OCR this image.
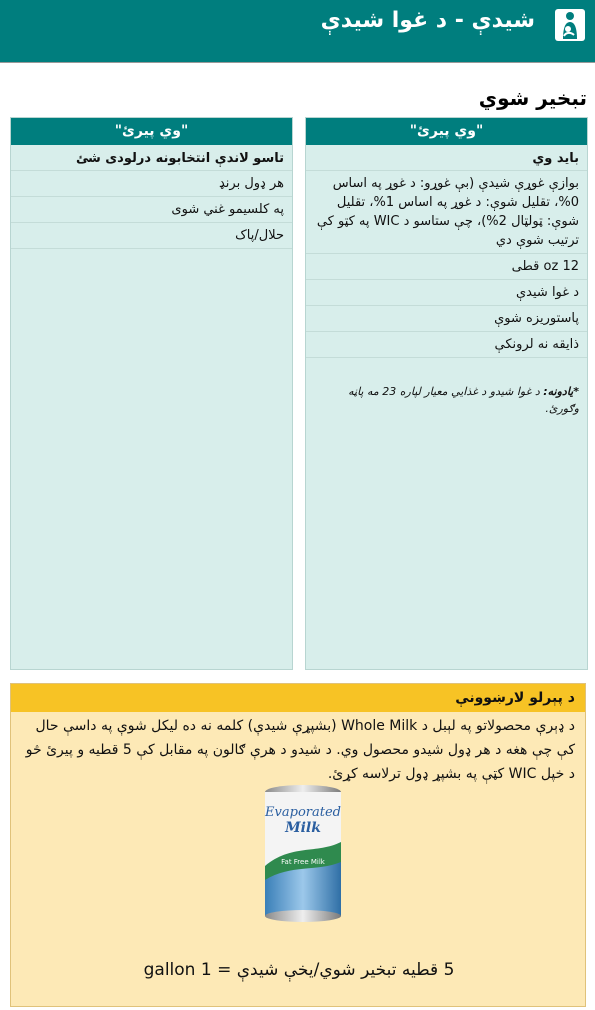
شيدې - د غوا شيدې
تبخير شوي
"وي پيرئ"
بايد وي
بوازې غوړې شيدې (بې غوړو: د غوړ په اساس 0%، تقليل شوې: د غوړ په اساس 1%، تقليل شوې: ټولټال 2%)، چې ستاسو د WIC په کټو کې ترتيب شوې دي
12 oz قطی
د غوا شيدې
پاستوريزه شوې
ذايقه نه لرونکې
*يادونه: د غوا شيدو د غذايي معيار لپاره 23 مه پاڼه وګورئ.
"وي پيرئ"
تاسو لاندې انتخابونه درلودی شئ
هر ډول برنډ
په کلسيمو غني شوی
حلال/پاک
د پېرلو لارښوونې
د ډېرې محصولاتو په لېبل د Whole Milk (بشپړې شيدې) کلمه نه ده ليکل شوې په داسې حال کې چې هغه د هر ډول شيدو محصول وي. د شيدو د هرې ګالون په مقابل کې 5 قطيه و پيرئ څو د خپل WIC کټې په بشپړ ډول ترلاسه کړئ.
Evaporated
Milk
Fat Free Milk
5 قطيه تبخير شوي/يخې شيدې = 1 gallon
